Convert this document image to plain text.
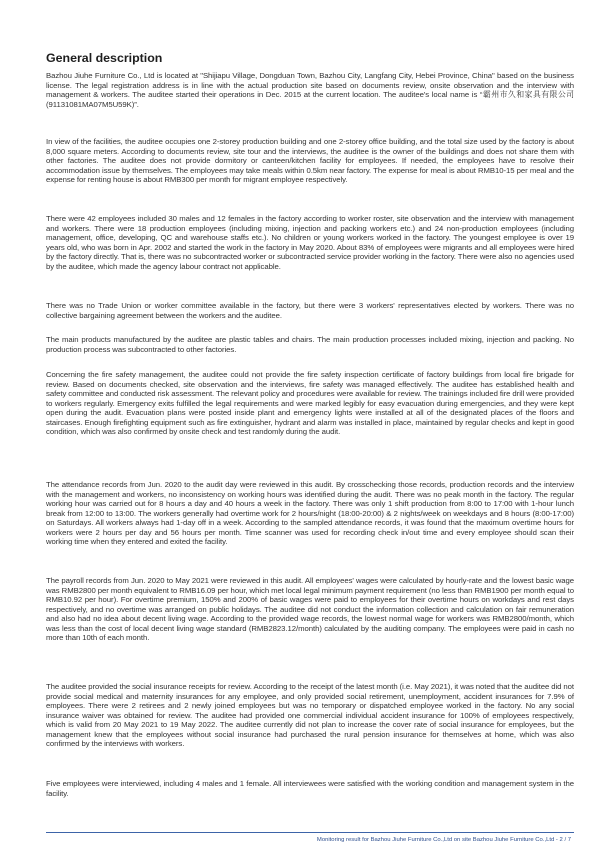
General description

Bazhou Jiuhe Furniture Co., Ltd is located at "Shijiapu Village, Dongduan Town, Bazhou City, Langfang City, Hebei Province, China" based on the business license. The legal registration address is in line with the actual production site based on documents review, onsite observation and the interview with management & workers. The auditee started their operations in Dec. 2015 at the current location. The auditee's local name is “霸州市久和家具有限公司(91131081MA07M5U59K)”.

In view of the facilities, the auditee occupies one 2-storey production building and one 2-storey office building, and the total size used by the factory is about 8,000 square meters. According to documents review, site tour and the interviews, the auditee is the owner of the buildings and does not share them with other factories. The auditee does not provide dormitory or canteen/kitchen facility for employees. If needed, the employees have to resolve their accommodation issue by themselves. The employees may take meals within 0.5km near factory. The expense for meal is about RMB10-15 per meal and the expense for renting house is about RMB300 per month for migrant employee respectively.

There were 42 employees included 30 males and 12 females in the factory according to worker roster, site observation and the interview with management and workers. There were 18 production employees (including mixing, injection and packing workers etc.) and 24 non-production employees (including management, office, developing, QC and warehouse staffs etc.). No children or young workers worked in the factory. The youngest employee is over 19 years old, who was born in Apr. 2002 and started the work in the factory in May 2020. About 83% of employees were migrants and all employees were hired by the factory directly. That is, there was no subcontracted worker or subcontracted service provider working in the factory. There were also no agencies used by the auditee, which made the agency labour contract not applicable.

There was no Trade Union or worker committee available in the factory, but there were 3 workers' representatives elected by workers. There was no collective bargaining agreement between the workers and the auditee.

The main products manufactured by the auditee are plastic tables and chairs. The main production processes included mixing, injection and packing. No production process was subcontracted to other factories.

Concerning the fire safety management, the auditee could not provide the fire safety inspection certificate of factory buildings from local fire brigade for review. Based on documents checked, site observation and the interviews, fire safety was managed effectively. The auditee has established health and safety committee and conducted risk assessment. The relevant policy and procedures were available for review. The trainings included fire drill were provided to workers regularly. Emergency exits fulfilled the legal requirements and were marked legibly for easy evacuation during emergencies, and they were kept open during the audit. Evacuation plans were posted inside plant and emergency lights were installed at all of the designated places of the floors and staircases. Enough firefighting equipment such as fire extinguisher, hydrant and alarm was installed in place, maintained by regular checks and kept in good condition, which was also confirmed by onsite check and test randomly during the audit.

The attendance records from Jun. 2020 to the audit day were reviewed in this audit. By crosschecking those records, production records and the interview with the management and workers, no inconsistency on working hours was identified during the audit. There was no peak month in the factory. The regular working hour was carried out for 8 hours a day and 40 hours a week in the factory. There was only 1 shift production from 8:00 to 17:00 with 1-hour lunch break from 12:00 to 13:00. The workers generally had overtime work for 2 hours/night (18:00-20:00) & 2 nights/week on weekdays and 8 hours (8:00-17:00) on Saturdays. All workers always had 1-day off in a week. According to the sampled attendance records, it was found that the maximum overtime hours for workers were 2 hours per day and 56 hours per month. Time scanner was used for recording check in/out time and every employee should scan their working time when they entered and exited the facility.

The payroll records from Jun. 2020 to May 2021 were reviewed in this audit. All employees' wages were calculated by hourly-rate and the lowest basic wage was RMB2800 per month equivalent to RMB16.09 per hour, which met local legal minimum payment requirement (no less than RMB1900 per month equal to RMB10.92 per hour). For overtime premium, 150% and 200% of basic wages were paid to employees for their overtime hours on workdays and rest days respectively, and no overtime was arranged on public holidays. The auditee did not conduct the information collection and calculation on fair remuneration and also had no idea about decent living wage. According to the provided wage records, the lowest normal wage for workers was RMB2800/month, which was less than the cost of local decent living wage standard (RMB2823.12/month) calculated by the auditing company. The employees were paid in cash no more than 10th of each month.

The auditee provided the social insurance receipts for review. According to the receipt of the latest month (i.e. May 2021), it was noted that the auditee did not provide social medical and maternity insurances for any employee, and only provided social retirement, unemployment, accident insurances for 7.9% of employees. There were 2 retirees and 2 newly joined employees but was no temporary or dispatched employee worked in the factory. No any social insurance waiver was obtained for review. The auditee had provided one commercial individual accident insurance for 100% of employees respectively, which is valid from 20 May 2021 to 19 May 2022. The auditee currently did not plan to increase the cover rate of social insurance for employees, but the management knew that the employees without social insurance had purchased the rural pension insurance for themselves at home, which was also confirmed by the interviews with workers.

Five employees were interviewed, including 4 males and 1 female. All interviewees were satisfied with the working condition and management system in the facility.

Monitoring result for Bazhou Jiuhe Furniture Co.,Ltd on site Bazhou Jiuhe Furniture Co.,Ltd - 2 / 7
